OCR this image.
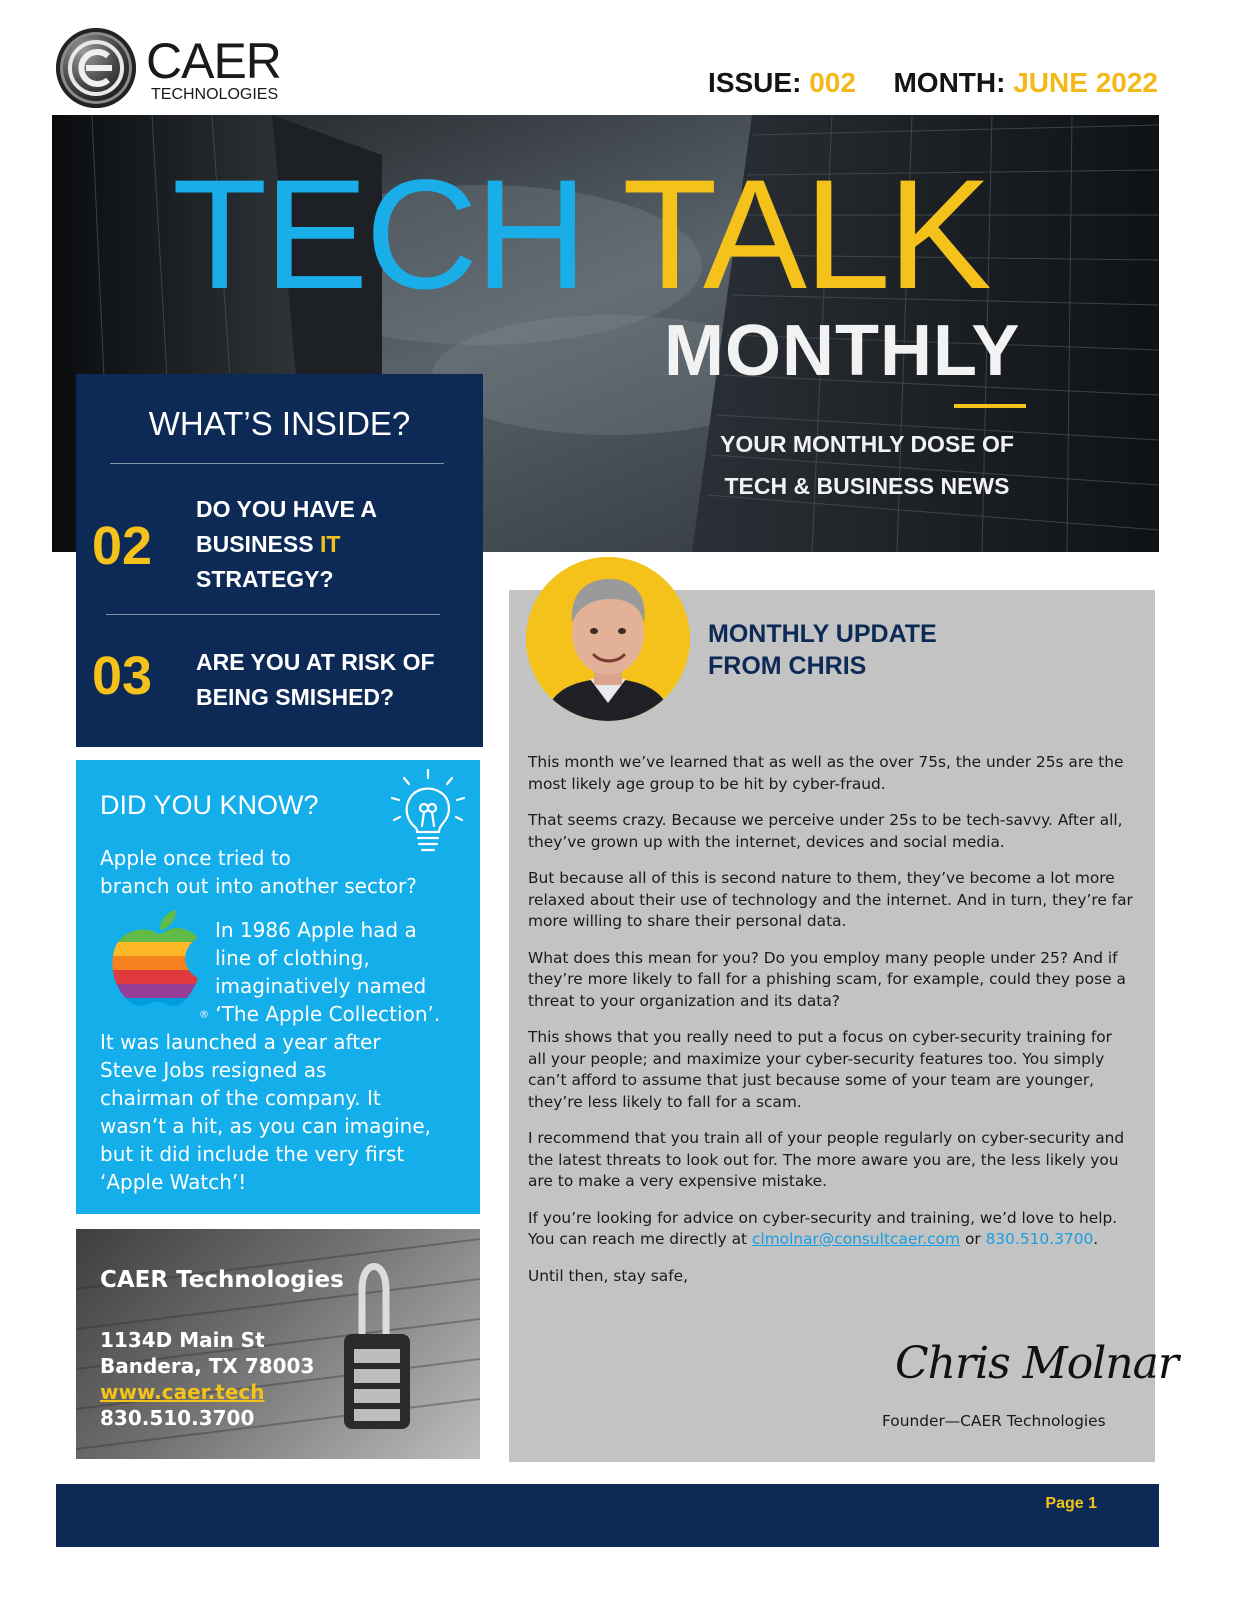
CAER
TECHNOLOGIES	ISSUE: 002 MONTH: JUNE 2022
TECH TALK
MONTHLY
YOUR MONTHLY DOSE OF
TECH & BUSINESS NEWS
WHAT’S INSIDE?
02
DO YOU HAVE A
BUSINESS IT
STRATEGY?
03 ARE YOU AT RISK OF
BEING SMISHED?
DID YOU KNOW?
Apple once tried to
branch out into another sector?
In 1986 Apple had a
line of clothing,
imaginatively named
® ‘The Apple Collection’.
It was launched a year after
Steve Jobs resigned as
chairman of the company. It
wasn’t a hit, as you can imagine,
but it did include the very first
‘Apple Watch’!
CAER Technologies
1134D Main St
Bandera, TX 78003
www.caer.tech
830.510.3700
MONTHLY UPDATE
FROM CHRIS

This month we’ve learned that as well as the over 75s, the under 25s are the most likely age group to be hit by cyber-fraud.

That seems crazy. Because we perceive under 25s to be tech-savvy. After all, they’ve grown up with the internet, devices and social media.

But because all of this is second nature to them, they’ve become a lot more relaxed about their use of technology and the internet. And in turn, they’re far more willing to share their personal data.

What does this mean for you? Do you employ many people under 25? And if they’re more likely to fall for a phishing scam, for example, could they pose a threat to your organization and its data?

This shows that you really need to put a focus on cyber-security training for all your people; and maximize your cyber-security features too. You simply can’t afford to assume that just because some of your team are younger, they’re less likely to fall for a scam.

I recommend that you train all of your people regularly on cyber-security and the latest threats to look out for. The more aware you are, the less likely you are to make a very expensive mistake.

If you’re looking for advice on cyber-security and training, we’d love to help. You can reach me directly at clmolnar@consultcaer.com or 830.510.3700.

Until then, stay safe,

Chris Molnar
Founder—CAER Technologies
Page 1
